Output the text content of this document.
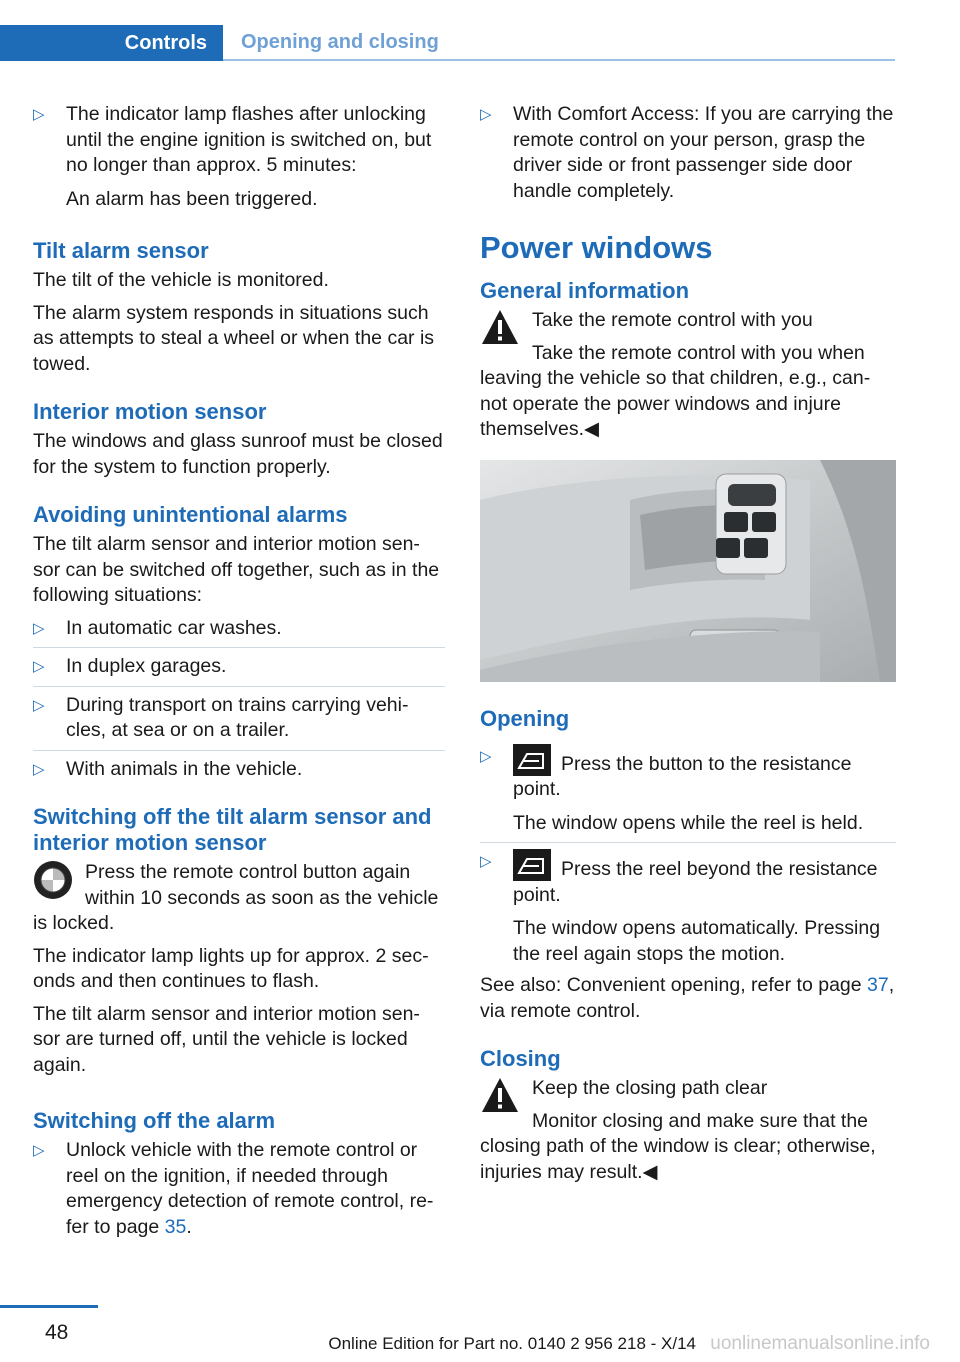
Controls	Opening and closing
▷ The indicator lamp flashes after unlocking until the engine ignition is switched on, but no longer than approx. 5 minutes:
An alarm has been triggered.
Tilt alarm sensor

The tilt of the vehicle is monitored.

The alarm system responds in situations such as attempts to steal a wheel or when the car is towed.

Interior motion sensor

The windows and glass sunroof must be closed for the system to function properly.

Avoiding unintentional alarms

The tilt alarm sensor and interior motion sen‐ sor can be switched off together, such as in the following situations:

▷ In automatic car washes.
▷ In duplex garages.
▷ During transport on trains carrying vehi‐ cles, at sea or on a trailer.
▷ With animals in the vehicle.
Switching off the tilt alarm sensor and interior motion sensor

Press the remote control button again within 10 seconds as soon as the vehicle is locked.

The indicator lamp lights up for approx. 2 sec‐ onds and then continues to flash.

The tilt alarm sensor and interior motion sen‐ sor are turned off, until the vehicle is locked again.

Switching off the alarm
▷ Unlock vehicle with the remote control or reel on the ignition, if needed through emergency detection of remote control, re‐ fer to page 35.
▷ With Comfort Access: If you are carrying the remote control on your person, grasp the driver side or front passenger side door handle completely.
Power windows
General information

Take the remote control with you

Take the remote control with you when leaving the vehicle so that children, e.g., can‐ not operate the power windows and injure themselves.◀

Opening
▷	Press the button to the resistance point.
The window opens while the reel is held.
▷	Press the reel beyond the resistance point.
The window opens automatically. Pressing the reel again stops the motion.

See also: Convenient opening, refer to page 37, via remote control.

Closing

Keep the closing path clear

Monitor closing and make sure that the closing path of the window is clear; otherwise, injuries may result.◀

48	Online Edition for Part no. 0140 2 956 218 - X/14 uonlinemanualsonline.info
